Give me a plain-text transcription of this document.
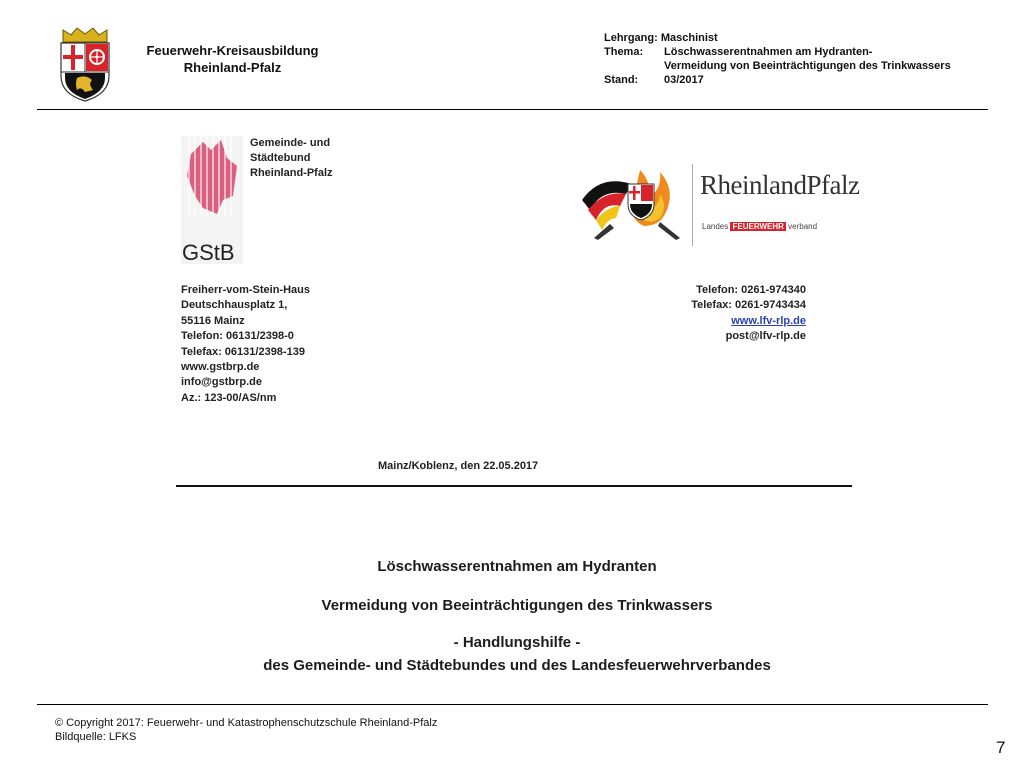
Feuerwehr-Kreisausbildung
Rheinland-Pfalz
Lehrgang:
Maschinist
Thema:	Löschwasserentnahmen am Hydranten-
Vermeidung von Beeinträchtigungen des Trinkwassers
Stand:	03/2017
GStB
Gemeinde- und
Städtebund
Rheinland-Pfalz
Freiherr-vom-Stein-Haus
Deutschhausplatz 1,
55116 Mainz
Telefon: 06131/2398-0
Telefax: 06131/2398-139
www.gstbrp.de
info@gstbrp.de
Az.: 123-00/AS/nm
RheinlandPfalz
Landes FEUERWEHR verband
Telefon: 0261-974340
Telefax: 0261-9743434
www.lfv-rlp.de
post@lfv-rlp.de
Mainz/Koblenz, den 22.05.2017

Löschwasserentnahmen am Hydranten

Vermeidung von Beeinträchtigungen des Trinkwassers

- Handlungshilfe -

des Gemeinde- und Städtebundes und des Landesfeuerwehrverbandes

© Copyright 2017: Feuerwehr- und Katastrophenschutzschule Rheinland-Pfalz
Bildquelle: LFKS
7
